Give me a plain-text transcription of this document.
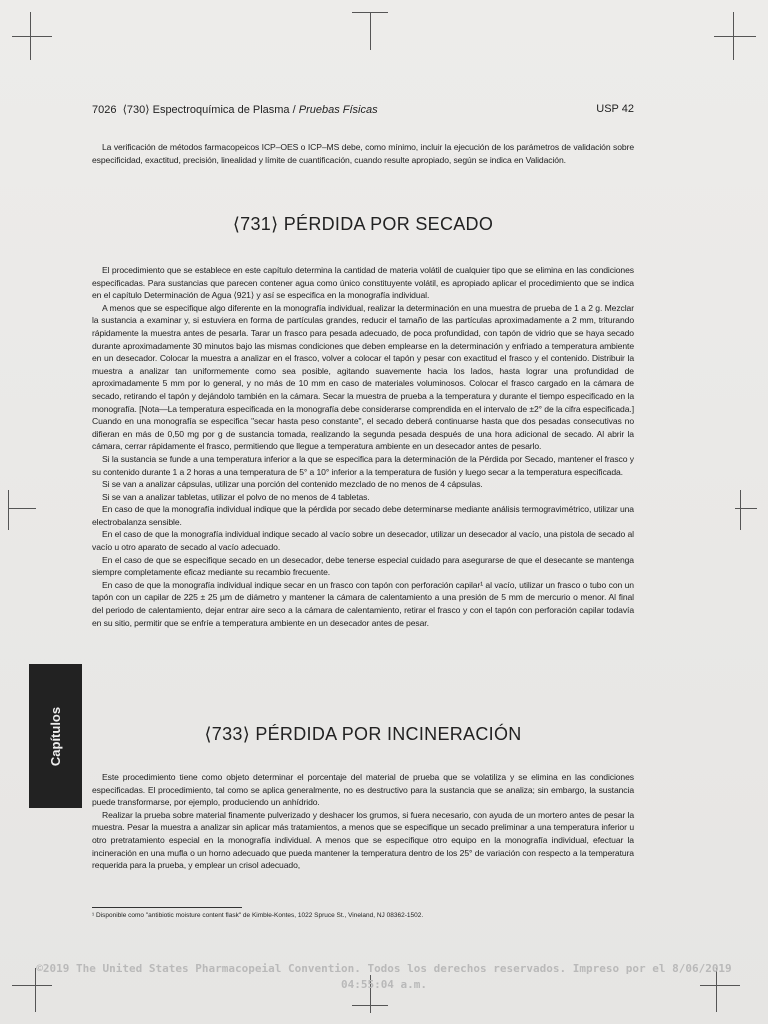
7026 ⟨730⟩ Espectroquímica de Plasma / Pruebas Físicas	USP 42

La verificación de métodos farmacopeicos ICP–OES o ICP–MS debe, como mínimo, incluir la ejecución de los parámetros de validación sobre especificidad, exactitud, precisión, linealidad y límite de cuantificación, cuando resulte apropiado, según se indica en Validación.

⟨731⟩ PÉRDIDA POR SECADO

El procedimiento que se establece en este capítulo determina la cantidad de materia volátil de cualquier tipo que se elimina en las condiciones especificadas. Para sustancias que parecen contener agua como único constituyente volátil, es apropiado aplicar el procedimiento que se indica en el capítulo Determinación de Agua ⟨921⟩ y así se especifica en la monografía individual.

A menos que se especifique algo diferente en la monografía individual, realizar la determinación en una muestra de prueba de 1 a 2 g. Mezclar la sustancia a examinar y, si estuviera en forma de partículas grandes, reducir el tamaño de las partículas aproximadamente a 2 mm, triturando rápidamente la muestra antes de pesarla. Tarar un frasco para pesada adecuado, de poca profundidad, con tapón de vidrio que se haya secado durante aproximadamente 30 minutos bajo las mismas condiciones que deben emplearse en la determinación y enfriado a temperatura ambiente en un desecador. Colocar la muestra a analizar en el frasco, volver a colocar el tapón y pesar con exactitud el frasco y el contenido. Distribuir la muestra a analizar tan uniformemente como sea posible, agitando suavemente hacia los lados, hasta lograr una profundidad de aproximadamente 5 mm por lo general, y no más de 10 mm en caso de materiales voluminosos. Colocar el frasco cargado en la cámara de secado, retirando el tapón y dejándolo también en la cámara. Secar la muestra de prueba a la temperatura y durante el tiempo especificado en la monografía. [Nota—La temperatura especificada en la monografía debe considerarse comprendida en el intervalo de ±2° de la cifra especificada.] Cuando en una monografía se especifica "secar hasta peso constante", el secado deberá continuarse hasta que dos pesadas consecutivas no difieran en más de 0,50 mg por g de sustancia tomada, realizando la segunda pesada después de una hora adicional de secado. Al abrir la cámara, cerrar rápidamente el frasco, permitiendo que llegue a temperatura ambiente en un desecador antes de pesarlo.

Si la sustancia se funde a una temperatura inferior a la que se especifica para la determinación de la Pérdida por Secado, mantener el frasco y su contenido durante 1 a 2 horas a una temperatura de 5° a 10° inferior a la temperatura de fusión y luego secar a la temperatura especificada.

Si se van a analizar cápsulas, utilizar una porción del contenido mezclado de no menos de 4 cápsulas.

Si se van a analizar tabletas, utilizar el polvo de no menos de 4 tabletas.

En caso de que la monografía individual indique que la pérdida por secado debe determinarse mediante análisis termogravimétrico, utilizar una electrobalanza sensible.

En el caso de que la monografía individual indique secado al vacío sobre un desecador, utilizar un desecador al vacío, una pistola de secado al vacío u otro aparato de secado al vacío adecuado.

En el caso de que se especifique secado en un desecador, debe tenerse especial cuidado para asegurarse de que el desecante se mantenga siempre completamente eficaz mediante su recambio frecuente.

En caso de que la monografía individual indique secar en un frasco con tapón con perforación capilar¹ al vacío, utilizar un frasco o tubo con un tapón con un capilar de 225 ± 25 µm de diámetro y mantener la cámara de calentamiento a una presión de 5 mm de mercurio o menor. Al final del periodo de calentamiento, dejar entrar aire seco a la cámara de calentamiento, retirar el frasco y con el tapón con perforación capilar todavía en su sitio, permitir que se enfríe a temperatura ambiente en un desecador antes de pesar.

⟨733⟩ PÉRDIDA POR INCINERACIÓN

Este procedimiento tiene como objeto determinar el porcentaje del material de prueba que se volatiliza y se elimina en las condiciones especificadas. El procedimiento, tal como se aplica generalmente, no es destructivo para la sustancia que se analiza; sin embargo, la sustancia puede transformarse, por ejemplo, produciendo un anhídrido.

Realizar la prueba sobre material finamente pulverizado y deshacer los grumos, si fuera necesario, con ayuda de un mortero antes de pesar la muestra. Pesar la muestra a analizar sin aplicar más tratamientos, a menos que se especifique un secado preliminar a una temperatura inferior u otro pretratamiento especial en la monografía individual. A menos que se especifique otro equipo en la monografía individual, efectuar la incineración en una mufla o un horno adecuado que pueda mantener la temperatura dentro de los 25° de variación con respecto a la temperatura requerida para la prueba, y emplear un crisol adecuado,

Capítulos
¹ Disponible como "antibiotic moisture content flask" de Kimble-Kontes, 1022 Spruce St., Vineland, NJ 08362-1502.
©2019 The United States Pharmacopeial Convention. Todos los derechos reservados. Impreso por el 8/06/2019
04:55:04 a.m.
